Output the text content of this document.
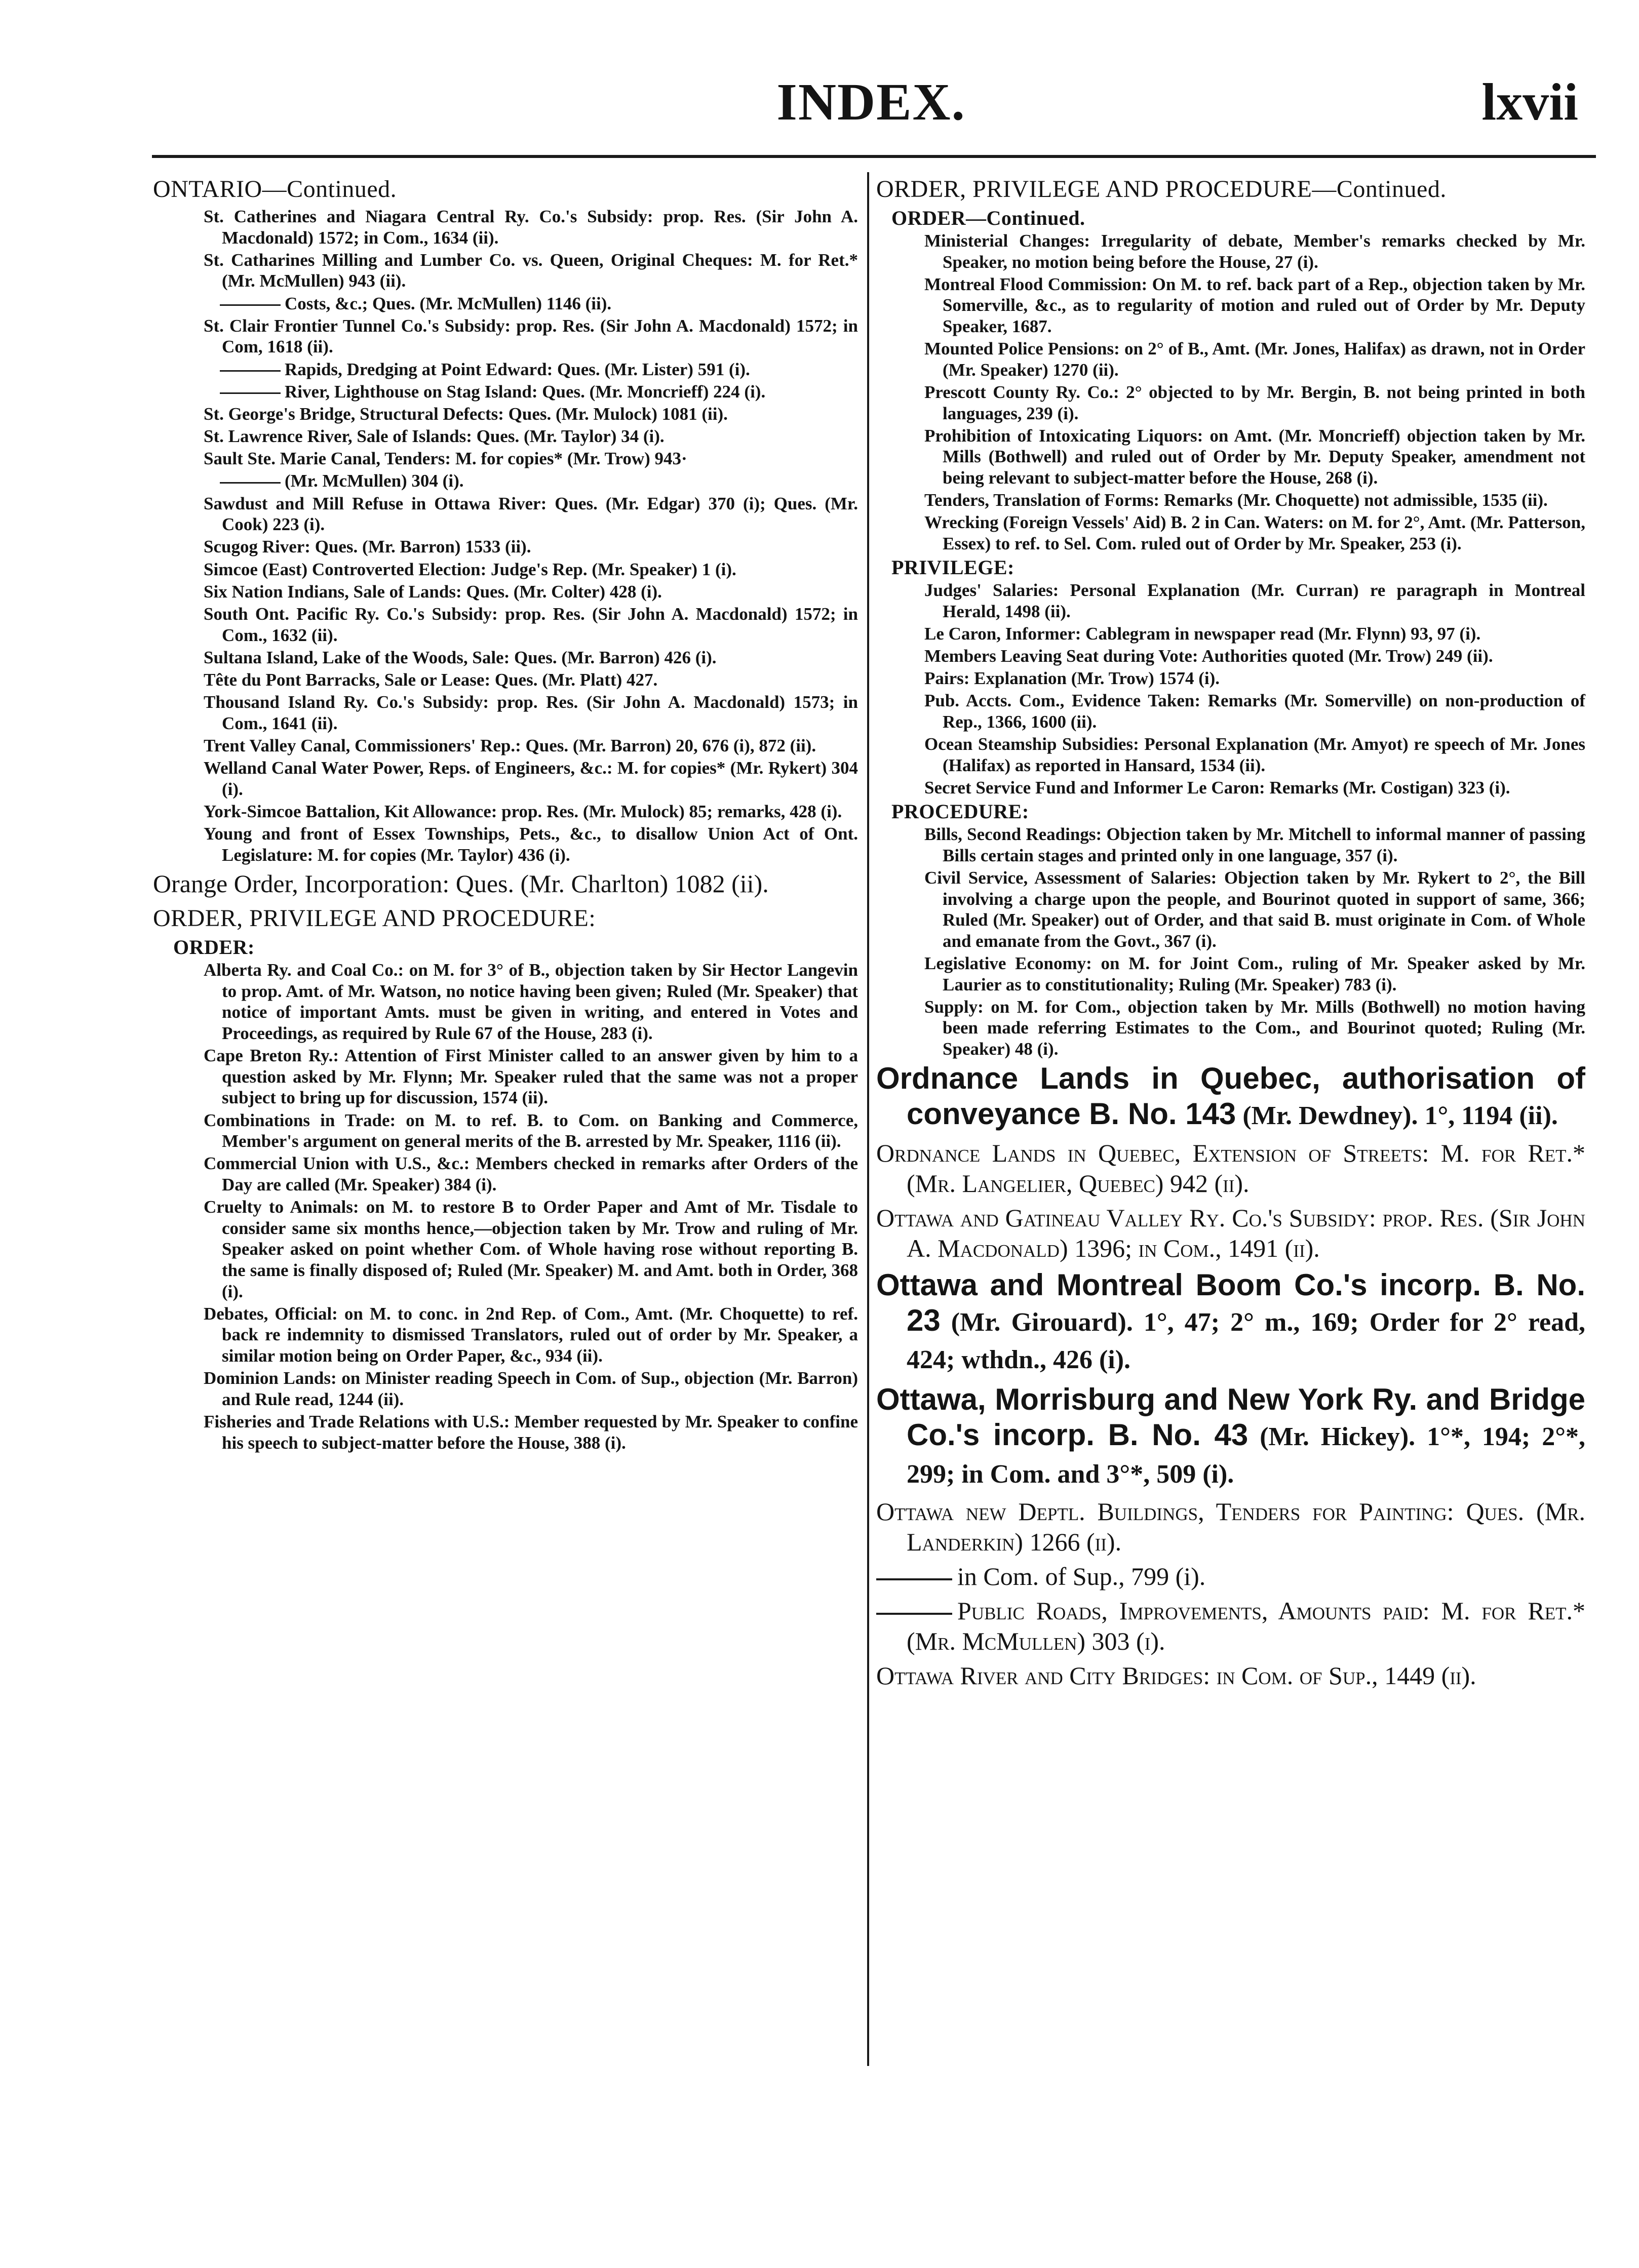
INDEX.	lxvii
ONTARIO—Continued.
St. Catherines and Niagara Central Ry. Co.'s Subsidy: prop. Res. (Sir John A. Macdonald) 1572; in Com., 1634 (ii).
St. Catharines Milling and Lumber Co. vs. Queen, Original Cheques: M. for Ret.* (Mr. McMullen) 943 (ii).
Costs, &c.; Ques. (Mr. McMullen) 1146 (ii).
St. Clair Frontier Tunnel Co.'s Subsidy: prop. Res. (Sir John A. Macdonald) 1572; in Com, 1618 (ii).
Rapids, Dredging at Point Edward: Ques. (Mr. Lister) 591 (i).
River, Lighthouse on Stag Island: Ques. (Mr. Moncrieff) 224 (i).
St. George's Bridge, Structural Defects: Ques. (Mr. Mulock) 1081 (ii).
St. Lawrence River, Sale of Islands: Ques. (Mr. Taylor) 34 (i).
Sault Ste. Marie Canal, Tenders: M. for copies* (Mr. Trow) 943·
(Mr. McMullen) 304 (i).
Sawdust and Mill Refuse in Ottawa River: Ques. (Mr. Edgar) 370 (i); Ques. (Mr. Cook) 223 (i).
Scugog River: Ques. (Mr. Barron) 1533 (ii).
Simcoe (East) Controverted Election: Judge's Rep. (Mr. Speaker) 1 (i).
Six Nation Indians, Sale of Lands: Ques. (Mr. Colter) 428 (i).
South Ont. Pacific Ry. Co.'s Subsidy: prop. Res. (Sir John A. Macdonald) 1572; in Com., 1632 (ii).
Sultana Island, Lake of the Woods, Sale: Ques. (Mr. Barron) 426 (i).
Tête du Pont Barracks, Sale or Lease: Ques. (Mr. Platt) 427.
Thousand Island Ry. Co.'s Subsidy: prop. Res. (Sir John A. Macdonald) 1573; in Com., 1641 (ii).
Trent Valley Canal, Commissioners' Rep.: Ques. (Mr. Barron) 20, 676 (i), 872 (ii).
Welland Canal Water Power, Reps. of Engineers, &c.: M. for copies* (Mr. Rykert) 304 (i).
York-Simcoe Battalion, Kit Allowance: prop. Res. (Mr. Mulock) 85; remarks, 428 (i).
Young and front of Essex Townships, Pets., &c., to disallow Union Act of Ont. Legislature: M. for copies (Mr. Taylor) 436 (i).
Orange Order, Incorporation: Ques. (Mr. Charlton) 1082 (ii).
ORDER, PRIVILEGE AND PROCEDURE:
ORDER:
Alberta Ry. and Coal Co.: on M. for 3° of B., objection taken by Sir Hector Langevin to prop. Amt. of Mr. Watson, no notice having been given; Ruled (Mr. Speaker) that notice of important Amts. must be given in writing, and entered in Votes and Proceedings, as required by Rule 67 of the House, 283 (i).
Cape Breton Ry.: Attention of First Minister called to an answer given by him to a question asked by Mr. Flynn; Mr. Speaker ruled that the same was not a proper subject to bring up for discussion, 1574 (ii).
Combinations in Trade: on M. to ref. B. to Com. on Banking and Commerce, Member's argument on general merits of the B. arrested by Mr. Speaker, 1116 (ii).
Commercial Union with U.S., &c.: Members checked in remarks after Orders of the Day are called (Mr. Speaker) 384 (i).
Cruelty to Animals: on M. to restore B to Order Paper and Amt of Mr. Tisdale to consider same six months hence,—objection taken by Mr. Trow and ruling of Mr. Speaker asked on point whether Com. of Whole having rose without reporting B. the same is finally disposed of; Ruled (Mr. Speaker) M. and Amt. both in Order, 368 (i).
Debates, Official: on M. to conc. in 2nd Rep. of Com., Amt. (Mr. Choquette) to ref. back re indemnity to dismissed Translators, ruled out of order by Mr. Speaker, a similar motion being on Order Paper, &c., 934 (ii).
Dominion Lands: on Minister reading Speech in Com. of Sup., objection (Mr. Barron) and Rule read, 1244 (ii).
Fisheries and Trade Relations with U.S.: Member requested by Mr. Speaker to confine his speech to subject-matter before the House, 388 (i).
ORDER, PRIVILEGE AND PROCEDURE—Continued.
ORDER—Continued.
Ministerial Changes: Irregularity of debate, Member's remarks checked by Mr. Speaker, no motion being before the House, 27 (i).
Montreal Flood Commission: On M. to ref. back part of a Rep., objection taken by Mr. Somerville, &c., as to regularity of motion and ruled out of Order by Mr. Deputy Speaker, 1687.
Mounted Police Pensions: on 2° of B., Amt. (Mr. Jones, Halifax) as drawn, not in Order (Mr. Speaker) 1270 (ii).
Prescott County Ry. Co.: 2° objected to by Mr. Bergin, B. not being printed in both languages, 239 (i).
Prohibition of Intoxicating Liquors: on Amt. (Mr. Moncrieff) objection taken by Mr. Mills (Bothwell) and ruled out of Order by Mr. Deputy Speaker, amendment not being relevant to subject-matter before the House, 268 (i).
Tenders, Translation of Forms: Remarks (Mr. Choquette) not admissible, 1535 (ii).
Wrecking (Foreign Vessels' Aid) B. 2 in Can. Waters: on M. for 2°, Amt. (Mr. Patterson, Essex) to ref. to Sel. Com. ruled out of Order by Mr. Speaker, 253 (i).
PRIVILEGE:
Judges' Salaries: Personal Explanation (Mr. Curran) re paragraph in Montreal Herald, 1498 (ii).
Le Caron, Informer: Cablegram in newspaper read (Mr. Flynn) 93, 97 (i).
Members Leaving Seat during Vote: Authorities quoted (Mr. Trow) 249 (ii).
Pairs: Explanation (Mr. Trow) 1574 (i).
Pub. Accts. Com., Evidence Taken: Remarks (Mr. Somerville) on non-production of Rep., 1366, 1600 (ii).
Ocean Steamship Subsidies: Personal Explanation (Mr. Amyot) re speech of Mr. Jones (Halifax) as reported in Hansard, 1534 (ii).
Secret Service Fund and Informer Le Caron: Remarks (Mr. Costigan) 323 (i).
PROCEDURE:
Bills, Second Readings: Objection taken by Mr. Mitchell to informal manner of passing Bills certain stages and printed only in one language, 357 (i).
Civil Service, Assessment of Salaries: Objection taken by Mr. Rykert to 2°, the Bill involving a charge upon the people, and Bourinot quoted in support of same, 366; Ruled (Mr. Speaker) out of Order, and that said B. must originate in Com. of Whole and emanate from the Govt., 367 (i).
Legislative Economy: on M. for Joint Com., ruling of Mr. Speaker asked by Mr. Laurier as to constitutionality; Ruling (Mr. Speaker) 783 (i).
Supply: on M. for Com., objection taken by Mr. Mills (Bothwell) no motion having been made referring Estimates to the Com., and Bourinot quoted; Ruling (Mr. Speaker) 48 (i).
Ordnance Lands in Quebec, authorisation of conveyance B. No. 143 (Mr. Dewdney). 1°, 1194 (ii).
Ordnance Lands in Quebec, Extension of Streets: M. for Ret.* (Mr. Langelier, Quebec) 942 (ii).
Ottawa and Gatineau Valley Ry. Co.'s Subsidy: prop. Res. (Sir John A. Macdonald) 1396; in Com., 1491 (ii).
Ottawa and Montreal Boom Co.'s incorp. B. No. 23 (Mr. Girouard). 1°, 47; 2° m., 169; Order for 2° read, 424; wthdn., 426 (i).
Ottawa, Morrisburg and New York Ry. and Bridge Co.'s incorp. B. No. 43 (Mr. Hickey). 1°*, 194; 2°*, 299; in Com. and 3°*, 509 (i).
Ottawa new Deptl. Buildings, Tenders for Painting: Ques. (Mr. Landerkin) 1266 (ii).
in Com. of Sup., 799 (i).
Public Roads, Improvements, Amounts paid: M. for Ret.* (Mr. McMullen) 303 (i).
Ottawa River and City Bridges: in Com. of Sup., 1449 (ii).
